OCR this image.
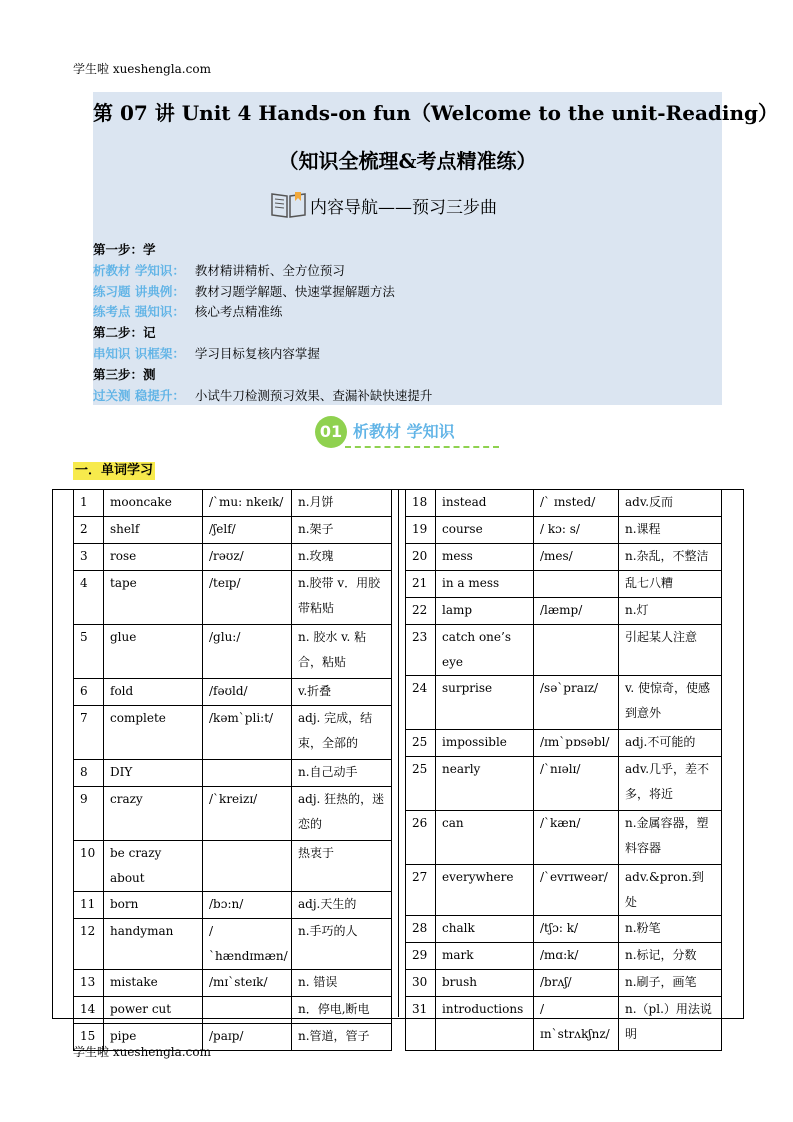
学生啦 xueshengla.com
第 07 讲 Unit 4 Hands-on fun（Welcome to the unit-Reading）
（知识全梳理&考点精准练）
内容导航——预习三步曲
第一步：学
析教材 学知识： 教材精讲精析、全方位预习
练习题 讲典例： 教材习题学解题、快速掌握解题方法
练考点 强知识： 核心考点精准练
第二步：记
串知识 识框架： 学习目标复核内容掌握
第三步：测
过关测 稳提升： 小试牛刀检测预习效果、查漏补缺快速提升
01 析教材 学知识
一．单词学习
1	mooncake	/ˋmu: nkeɪk/	n.月饼
2	shelf	/ʃelf/	n.架子
3	rose	/rəʊz/	n.玫瑰
4	tape	/teɪp/	n.胶带 v．用胶带粘贴
5	glue	/glu:/	n. 胶水 v. 粘合，粘贴
6	fold	/fəʊld/	v.折叠
7	complete	/kəmˋpli:t/	adj. 完成，结束，全部的
8	DIY		n.自己动手
9	crazy	/ˋkreizɪ/	adj. 狂热的，迷恋的
10	be crazy about		热衷于
11	born	/bɔ:n/	adj.天生的
12	handyman	/ˋhændɪmæn/	n.手巧的人
13	mistake	/mɪˋsteɪk/	n. 错误
14	power cut		n．停电,断电
15	pipe	/paɪp/	n.管道，管子
18	instead	/ˋ ɪnsted/	adv.反而
19	course	/ kɔ: s/	n.课程
20	mess	/mes/	n.杂乱，不整洁
21	in a mess		乱七八糟
22	lamp	/læmp/	n.灯
23	catch one’s eye		引起某人注意
24	surprise	/səˋpraɪz/	v. 使惊奇，使感到意外
25	impossible	/ɪmˋpɒsəbl/	adj.不可能的
25	nearly	/ˋnɪəlɪ/	adv.几乎，差不多，将近
26	can	/ˋkæn/	n.金属容器，塑料容器
27	everywhere	/ˋevrɪweər/	adv.&pron.到处
28	chalk	/tʃɔ: k/	n.粉笔
29	mark	/mɑ:k/	n.标记，分数
30	brush	/brʌʃ/	n.刷子，画笔
31	introductions	/ɪnˋstrʌkʃnz/	n.（pl.）用法说明
学生啦 xueshengla.com
